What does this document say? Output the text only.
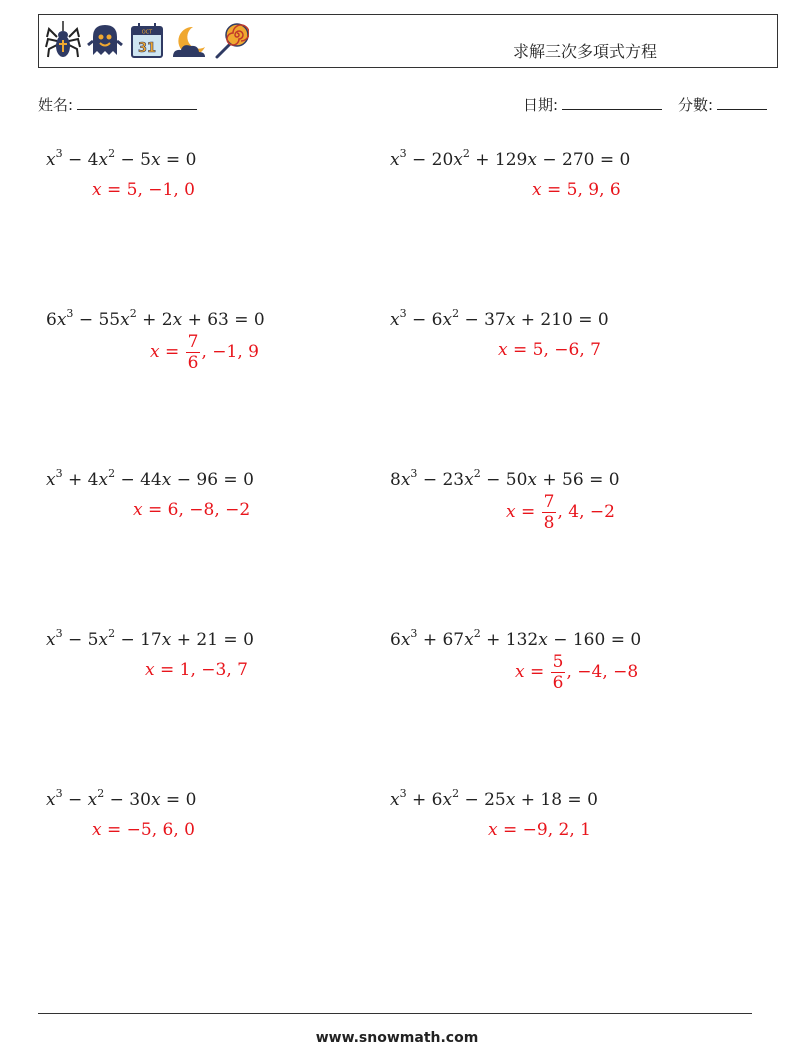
OCT
31	求解三次多項式方程
姓名:	日期:	分數:
$x^3 - 4x^2 - 5x = 0$
x = 5, −1, 0
$x^3 - 20x^2 + 129x - 270 = 0$
x = 5, 9, 6
$6x^3 - 55x^2 + 2x + 63 = 0$
$x = \frac{7}{6}$ , −1, 9
$x^3 - 6x^2 - 37x + 210 = 0$
x = 5, −6, 7
$x^3 + 4x^2 - 44x - 96 = 0$
x = 6, −8, −2
$8x^3 - 23x^2 - 50x + 56 = 0$
$x = \frac{7}{8}$ , 4, −2
$x^3 - 5x^2 - 17x + 21 = 0$
x = 1, −3, 7
$6x^3 + 67x^2 + 132x - 160 = 0$
$x = \frac{5}{6}$ , −4, −8
$x^3 - x^2 - 30x = 0$
x = −5, 6, 0
$x^3 + 6x^2 - 25x + 18 = 0$
x = −9, 2, 1
www.snowmath.com
